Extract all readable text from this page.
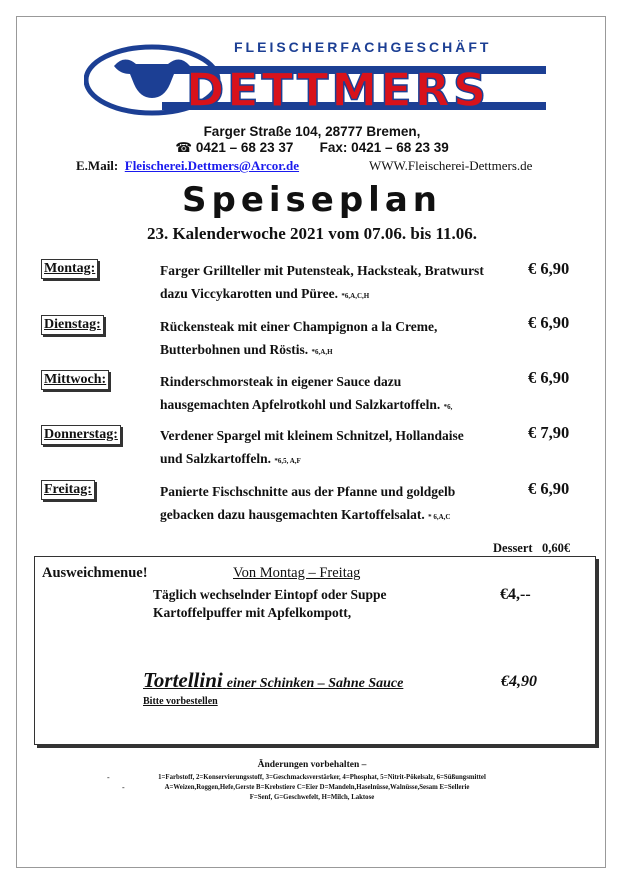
FLEISCHERFACHGESCHÄFT
DETTMERS
Farger Straße 104, 28777 Bremen,
☎ 0421 – 68 23 37 Fax: 0421 – 68 23 39
E.Mail: Fleischerei.Dettmers@Arcor.de	WWW.Fleischerei-Dettmers.de
Speiseplan
23. Kalenderwoche 2021 vom 07.06. bis 11.06.
Montag:	Farger Grillteller mit Putensteak, Hacksteak, Bratwurst
dazu Viccykarotten und Püree. *6,A,C,H
€ 6,90
Dienstag:	Rückensteak mit einer Champignon a la Creme,
Butterbohnen und Röstis. *6,A,H
€ 6,90
Mittwoch:	Rinderschmorsteak in eigener Sauce dazu
hausgemachten Apfelrotkohl und Salzkartoffeln. *6,
€ 6,90
Donnerstag:	Verdener Spargel mit kleinem Schnitzel, Hollandaise
und Salzkartoffeln. *6,5, A,F
€ 7,90
Freitag:	Panierte Fischschnitte aus der Pfanne und goldgelb
gebacken dazu hausgemachten Kartoffelsalat. * 6,A,C
€ 6,90
Dessert 0,60€
Ausweichmenue!	Von Montag – Freitag
Täglich wechselnder Eintopf oder Suppe
Kartoffelpuffer mit Apfelkompott,
€4,--
Tortellini einer Schinken – Sahne Sauce	€4,90
Bitte vorbestellen
Änderungen vorbehalten –
-
-
1=Farbstoff, 2=Konservierungsstoff, 3=Geschmacksverstärker, 4=Phosphat, 5=Nitrit-Pökelsalz, 6=Süßungsmittel
A=Weizen,Roggen,Hefe,Gerste B=Krebstiere C=Eier D=Mandeln,Haselnüsse,Walnüsse,Sesam E=Sellerie
F=Senf, G=Geschwefelt, H=Milch, Laktose
